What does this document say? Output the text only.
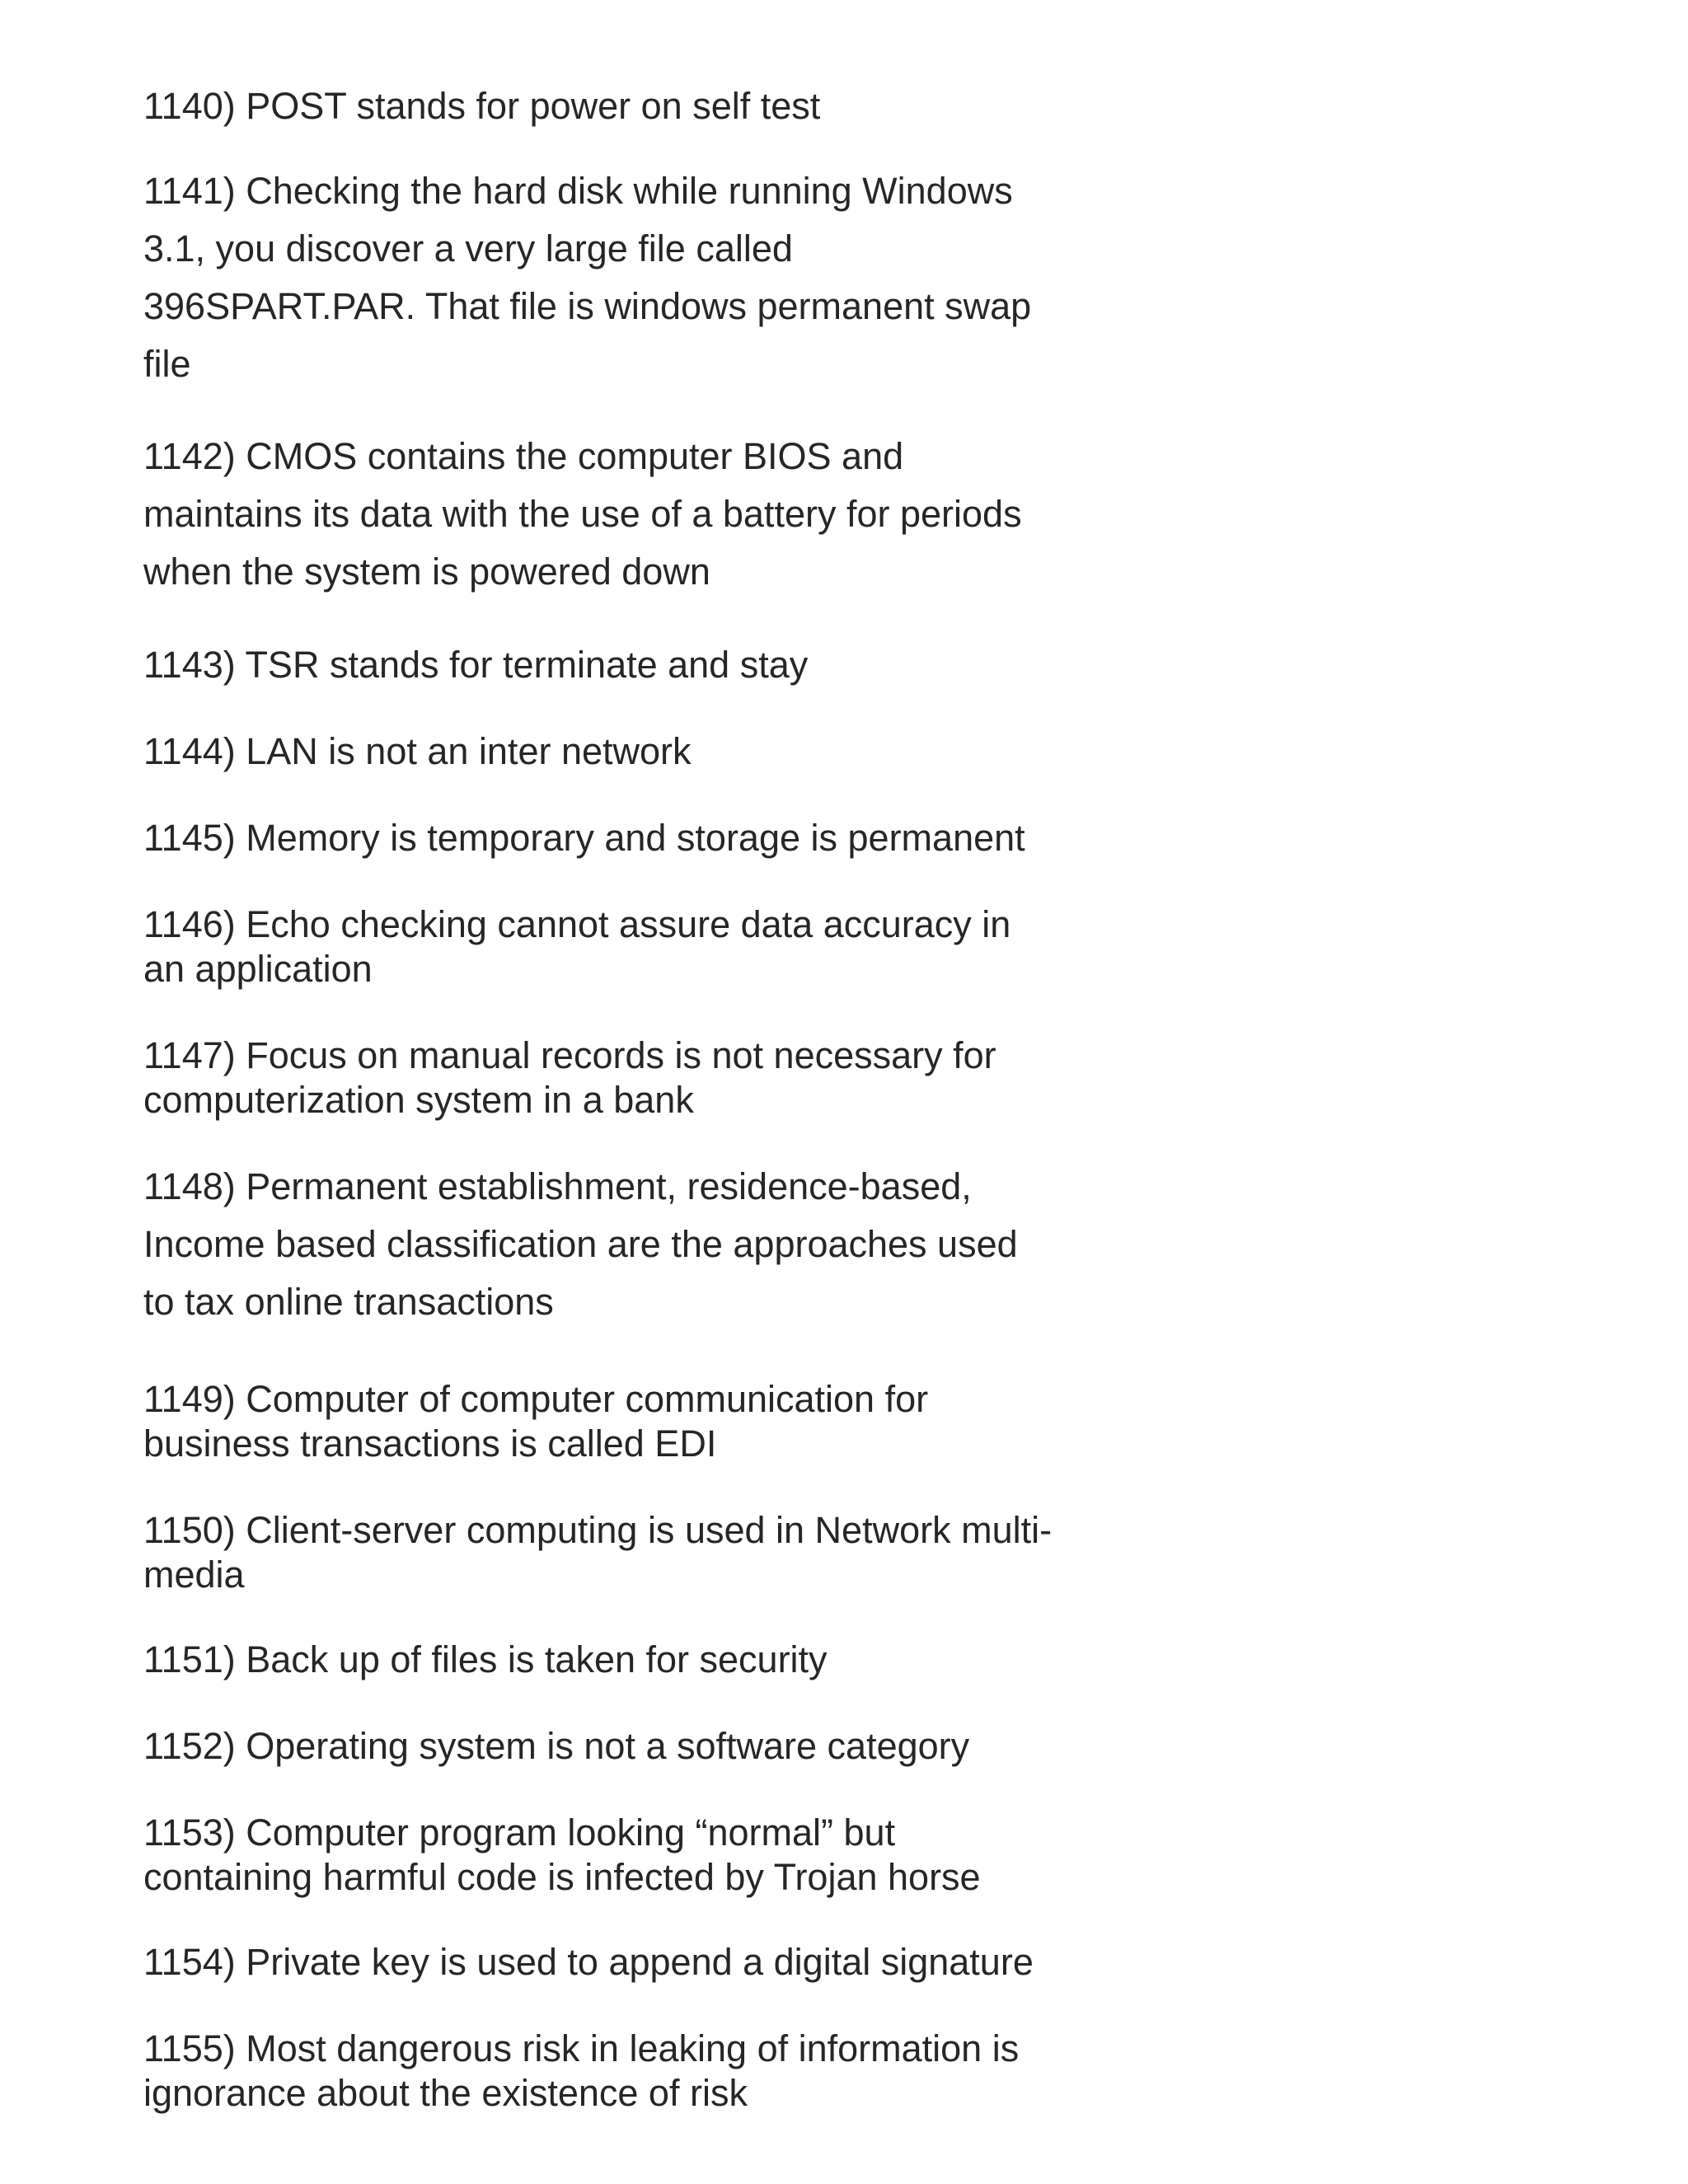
1140) POST stands for power on self test

1141) Checking the hard disk while running Windows
3.1, you discover a very large file called
396SPART.PAR. That file is windows permanent swap
file

1142) CMOS contains the computer BIOS and
maintains its data with the use of a battery for periods
when the system is powered down

1143) TSR stands for terminate and stay

1144) LAN is not an inter network

1145) Memory is temporary and storage is permanent

1146) Echo checking cannot assure data accuracy in
an application

1147) Focus on manual records is not necessary for
computerization system in a bank

1148) Permanent establishment, residence-based,
Income based classification are the approaches used
to tax online transactions

1149) Computer of computer communication for
business transactions is called EDI

1150) Client-server computing is used in Network multi-
media

1151) Back up of files is taken for security

1152) Operating system is not a software category

1153) Computer program looking “normal” but
containing harmful code is infected by Trojan horse

1154) Private key is used to append a digital signature

1155) Most dangerous risk in leaking of information is
ignorance about the existence of risk
